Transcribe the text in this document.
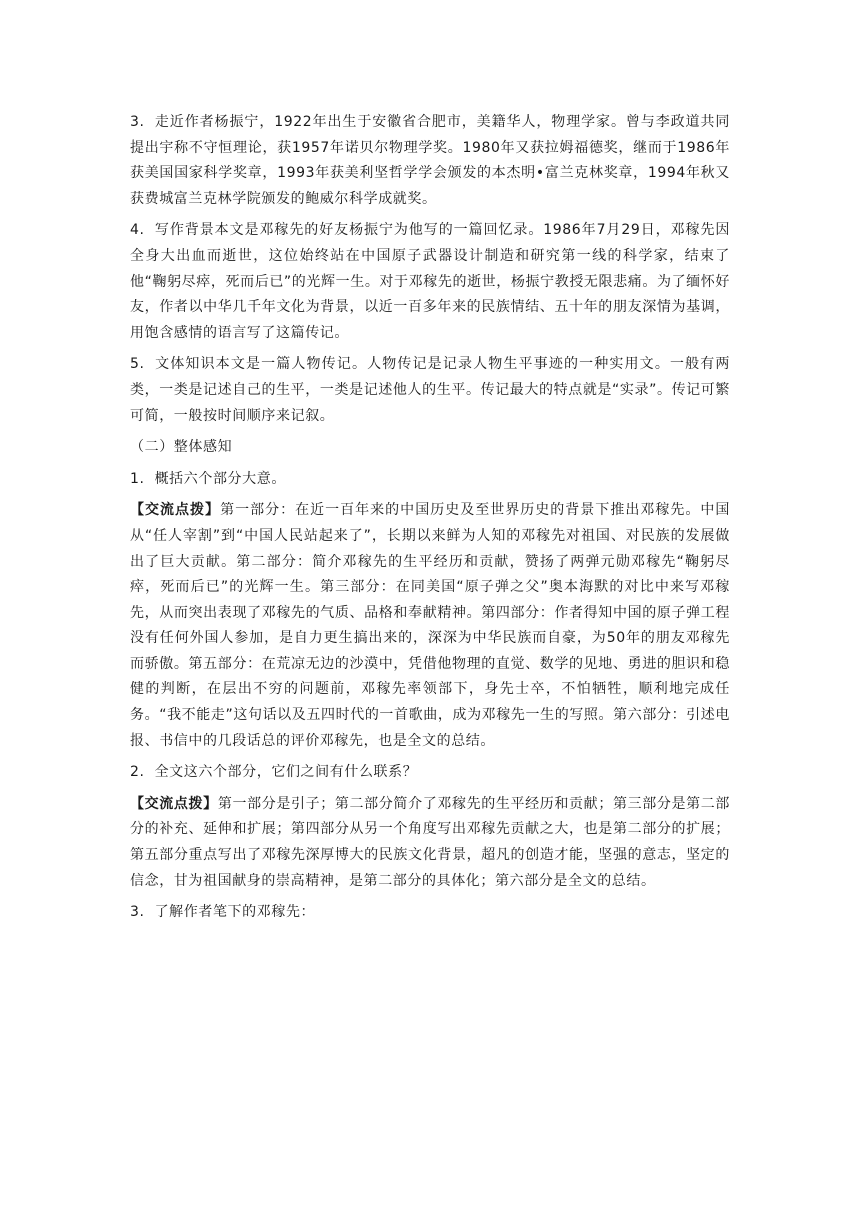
3. 走近作者杨振宁，1922年出生于安徽省合肥市，美籍华人，物理学家。曾与李政道共同提出宇称不守恒理论，获1957年诺贝尔物理学奖。1980年又获拉姆福德奖，继而于1986年获美国国家科学奖章，1993年获美利坚哲学学会颁发的本杰明•富兰克林奖章，1994年秋又获费城富兰克林学院颁发的鲍威尔科学成就奖。

4. 写作背景本文是邓稼先的好友杨振宁为他写的一篇回忆录。1986年7月29日，邓稼先因全身大出血而逝世，这位始终站在中国原子武器设计制造和研究第一线的科学家，结束了他“鞠躬尽瘁，死而后已”的光辉一生。对于邓稼先的逝世，杨振宁教授无限悲痛。为了缅怀好友，作者以中华几千年文化为背景，以近一百多年来的民族情结、五十年的朋友深情为基调，用饱含感情的语言写了这篇传记。

5. 文体知识本文是一篇人物传记。人物传记是记录人物生平事迹的一种实用文。一般有两类，一类是记述自己的生平，一类是记述他人的生平。传记最大的特点就是“实录”。传记可繁可简，一般按时间顺序来记叙。

（二）整体感知

1. 概括六个部分大意。

【交流点拨】第一部分：在近一百年来的中国历史及至世界历史的背景下推出邓稼先。中国从“任人宰割”到“中国人民站起来了”，长期以来鲜为人知的邓稼先对祖国、对民族的发展做出了巨大贡献。第二部分：简介邓稼先的生平经历和贡献，赞扬了两弹元勋邓稼先“鞠躬尽瘁，死而后已”的光辉一生。第三部分：在同美国“原子弹之父”奥本海默的对比中来写邓稼先，从而突出表现了邓稼先的气质、品格和奉献精神。第四部分：作者得知中国的原子弹工程没有任何外国人参加，是自力更生搞出来的，深深为中华民族而自豪，为50年的朋友邓稼先而骄傲。第五部分：在荒凉无边的沙漠中，凭借他物理的直觉、数学的见地、勇进的胆识和稳健的判断，在层出不穷的问题前，邓稼先率领部下，身先士卒，不怕牺牲，顺利地完成任务。“我不能走”这句话以及五四时代的一首歌曲，成为邓稼先一生的写照。第六部分：引述电报、书信中的几段话总的评价邓稼先，也是全文的总结。

2. 全文这六个部分，它们之间有什么联系？

【交流点拨】第一部分是引子；第二部分简介了邓稼先的生平经历和贡献；第三部分是第二部分的补充、延伸和扩展；第四部分从另一个角度写出邓稼先贡献之大，也是第二部分的扩展；第五部分重点写出了邓稼先深厚博大的民族文化背景，超凡的创造才能，坚强的意志，坚定的信念，甘为祖国献身的崇高精神，是第二部分的具体化；第六部分是全文的总结。

3. 了解作者笔下的邓稼先：
